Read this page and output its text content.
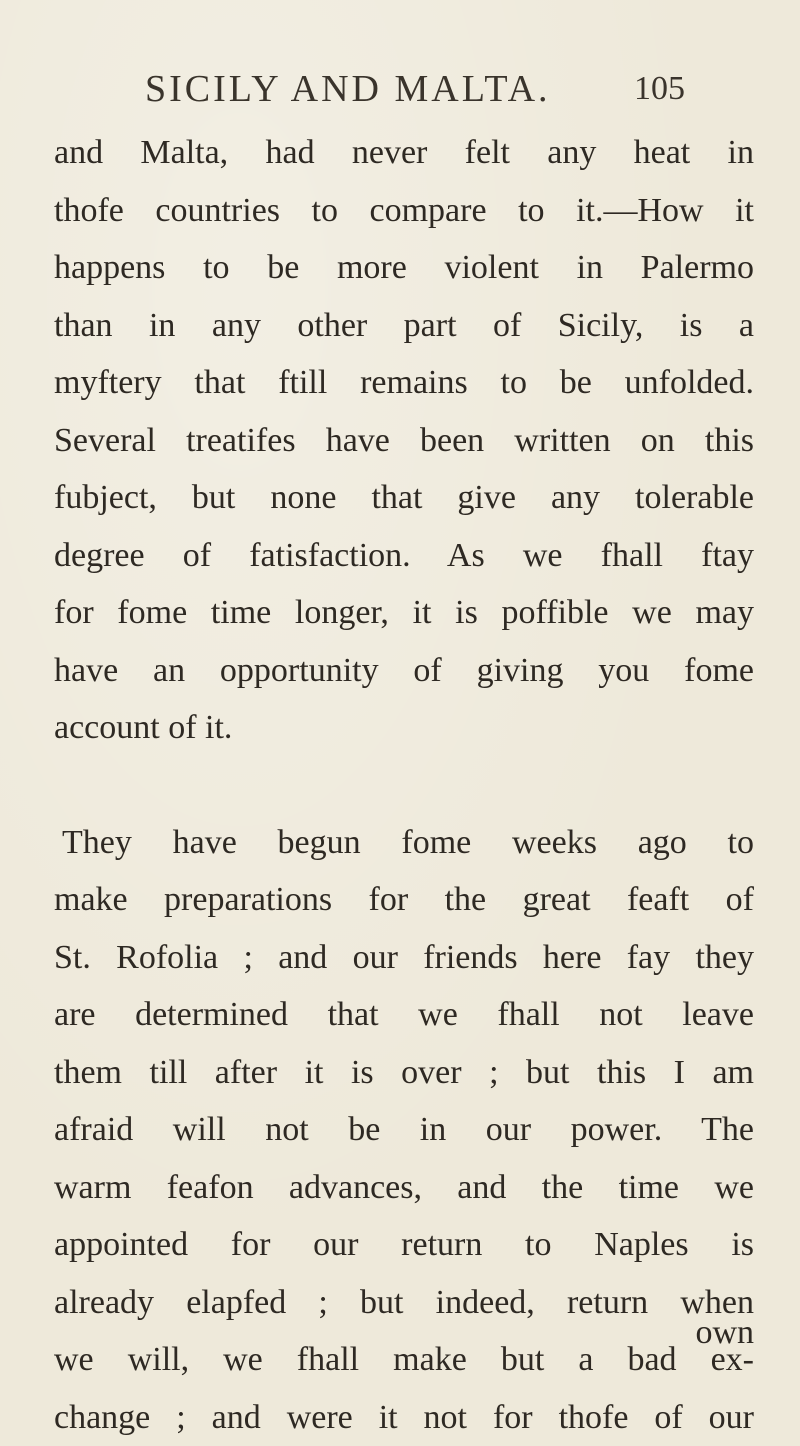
SICILY AND MALTA. 105
and Malta, had never felt any heat in
thofe countries to compare to it.—How it
happens to be more violent in Palermo
than in any other part of Sicily, is a
myftery that ftill remains to be unfolded.
Several treatifes have been written on this
fubject, but none that give any tolerable
degree of fatisfaction. As we fhall ftay
for fome time longer, it is poffible we may
have an opportunity of giving you fome
account of it.
They have begun fome weeks ago to
make preparations for the great feaft of
St. Rofolia ; and our friends here fay they
are determined that we fhall not leave
them till after it is over ; but this I am
afraid will not be in our power. The
warm feafon advances, and the time we
appointed for our return to Naples is
already elapfed ; but indeed, return when
we will, we fhall make but a bad ex-
change ; and were it not for thofe of our
own
